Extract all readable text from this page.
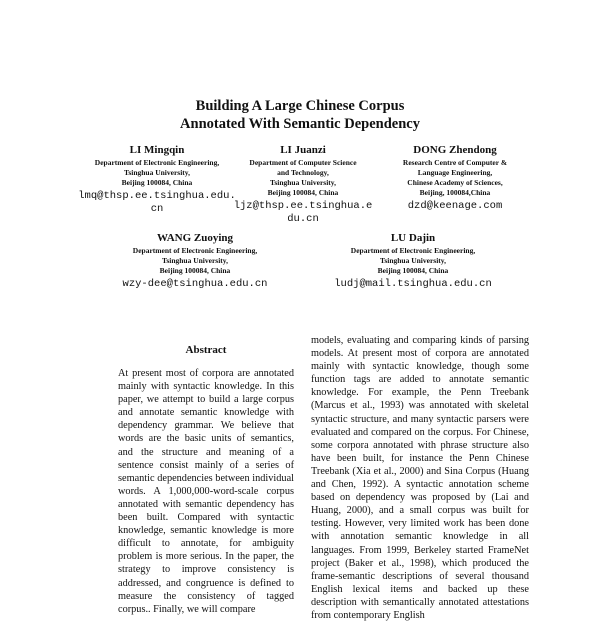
Building A Large Chinese Corpus
Annotated With Semantic Dependency
LI Mingqin
Department of Electronic Engineering,
Tsinghua University,
Beijing 100084, China
lmq@thsp.ee.tsinghua.edu.cn
LI Juanzi
Department of Computer Science
and Technology,
Tsinghua University,
Beijing 100084, China
ljz@thsp.ee.tsinghua.edu.cn
DONG Zhendong
Research Centre of Computer &
Language Engineering,
Chinese Academy of Sciences,
Beijing, 100084,China
dzd@keenage.com
WANG Zuoying
Department of Electronic Engineering,
Tsinghua University,
Beijing 100084, China
wzy-dee@tsinghua.edu.cn
LU Dajin
Department of Electronic Engineering,
Tsinghua University,
Beijing 100084, China
ludj@mail.tsinghua.edu.cn
Abstract
At present most of corpora are annotated mainly with syntactic knowledge. In this paper, we attempt to build a large corpus and annotate semantic knowledge with dependency grammar. We believe that words are the basic units of semantics, and the structure and meaning of a sentence consist mainly of a series of semantic dependencies between individual words. A 1,000,000-word-scale corpus annotated with semantic dependency has been built. Compared with syntactic knowledge, semantic knowledge is more difficult to annotate, for ambiguity problem is more serious. In the paper, the strategy to improve consistency is addressed, and congruence is defined to measure the consistency of tagged corpus.. Finally, we will compare
models, evaluating and comparing kinds of parsing models. At present most of corpora are annotated mainly with syntactic knowledge, though some function tags are added to annotate semantic knowledge. For example, the Penn Treebank (Marcus et al., 1993) was annotated with skeletal syntactic structure, and many syntactic parsers were evaluated and compared on the corpus. For Chinese, some corpora annotated with phrase structure also have been built, for instance the Penn Chinese Treebank (Xia et al., 2000) and Sina Corpus (Huang and Chen, 1992). A syntactic annotation scheme based on dependency was proposed by (Lai and Huang, 2000), and a small corpus was built for testing. However, very limited work has been done with annotation semantic knowledge in all languages. From 1999, Berkeley started FrameNet project (Baker et al., 1998), which produced the frame-semantic descriptions of several thousand English lexical items and backed up these description with semantically annotated attestations from contemporary English
